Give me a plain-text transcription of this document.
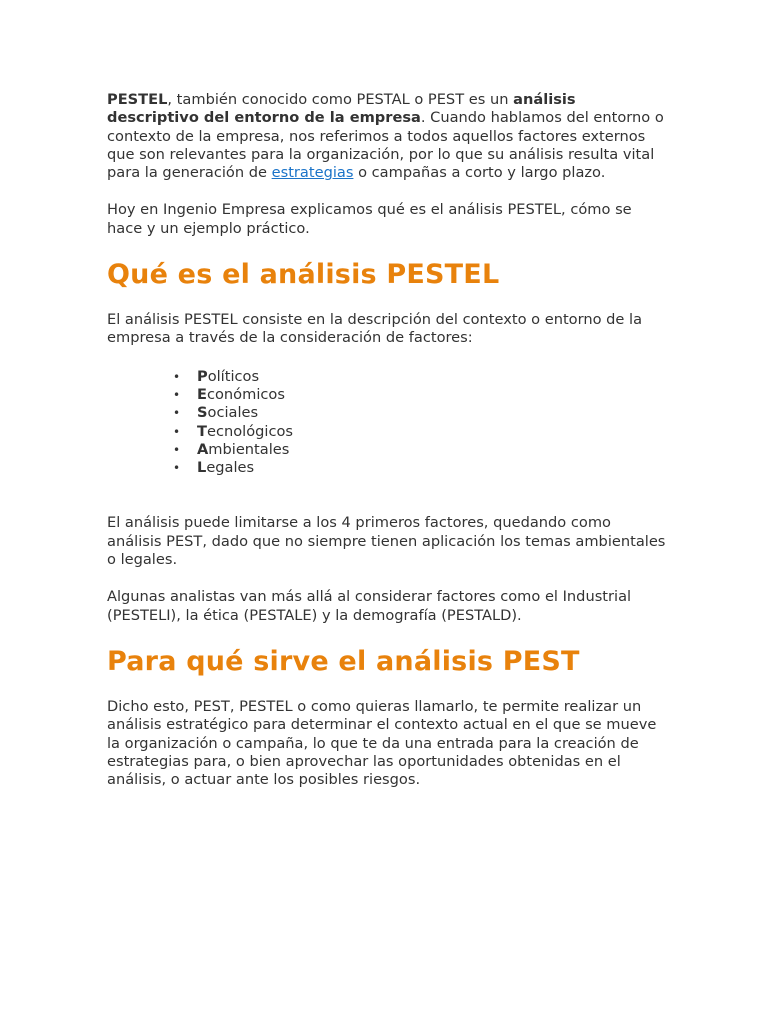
PESTEL, también conocido como PESTAL o PEST es un análisis descriptivo del entorno de la empresa. Cuando hablamos del entorno o contexto de la empresa, nos referimos a todos aquellos factores externos que son relevantes para la organización, por lo que su análisis resulta vital para la generación de estrategias o campañas a corto y largo plazo.

Hoy en Ingenio Empresa explicamos qué es el análisis PESTEL, cómo se hace y un ejemplo práctico.

Qué es el análisis PESTEL

El análisis PESTEL consiste en la descripción del contexto o entorno de la empresa a través de la consideración de factores:

• Políticos
• Económicos
• Sociales
• Tecnológicos
• Ambientales
• Legales

El análisis puede limitarse a los 4 primeros factores, quedando como análisis PEST, dado que no siempre tienen aplicación los temas ambientales o legales.

Algunas analistas van más allá al considerar factores como el Industrial (PESTELI), la ética (PESTALE) y la demografía (PESTALD).

Para qué sirve el análisis PEST

Dicho esto, PEST, PESTEL o como quieras llamarlo, te permite realizar un análisis estratégico para determinar el contexto actual en el que se mueve la organización o campaña, lo que te da una entrada para la creación de estrategias para, o bien aprovechar las oportunidades obtenidas en el análisis, o actuar ante los posibles riesgos.
